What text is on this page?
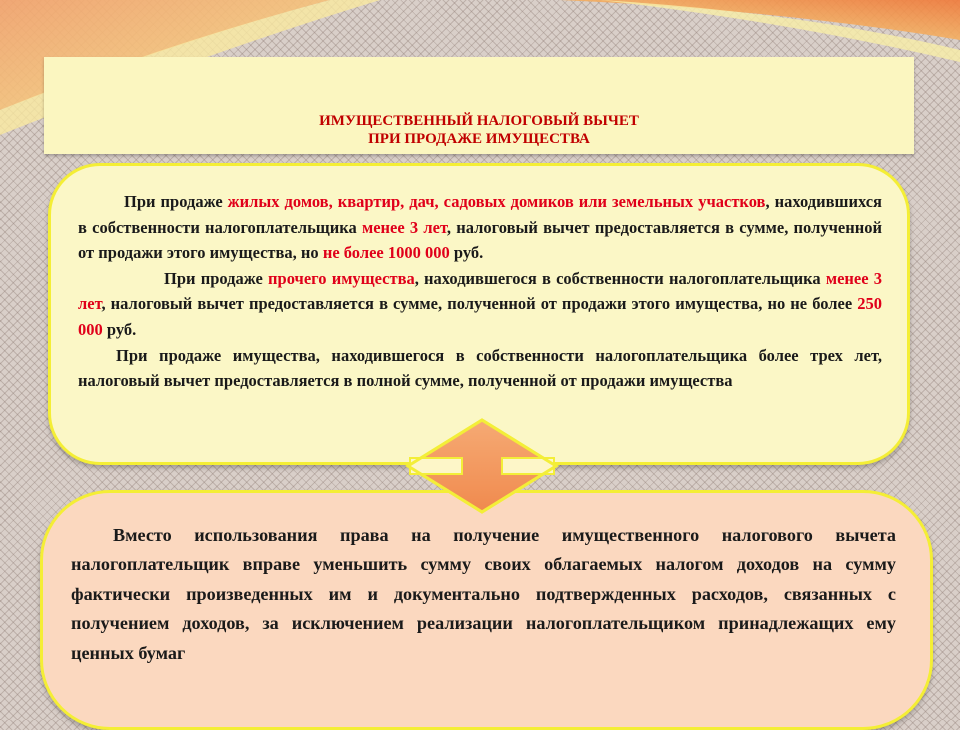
ИМУЩЕСТВЕННЫЙ НАЛОГОВЫЙ ВЫЧЕТ
ПРИ ПРОДАЖЕ ИМУЩЕСТВА

При продаже жилых домов, квартир, дач, садовых домиков или земельных участков, находившихся в собственности налогоплательщика менее 3 лет, налоговый вычет предоставляется в сумме, полученной от продажи этого имущества, но не более 1000 000 руб.

При продаже прочего имущества, находившегося в собственности налогоплательщика менее 3 лет, налоговый вычет предоставляется в сумме, полученной от продажи этого имущества, но не более 250 000 руб.

При продаже имущества, находившегося в собственности налогоплательщика более трех лет, налоговый вычет предоставляется в полной сумме, полученной от продажи имущества

Вместо использования права на получение имущественного налогового вычета налогоплательщик вправе уменьшить сумму своих облагаемых налогом доходов на сумму фактически произведенных им и документально подтвержденных расходов, связанных с получением доходов, за исключением реализации налогоплательщиком принадлежащих ему ценных бумаг
